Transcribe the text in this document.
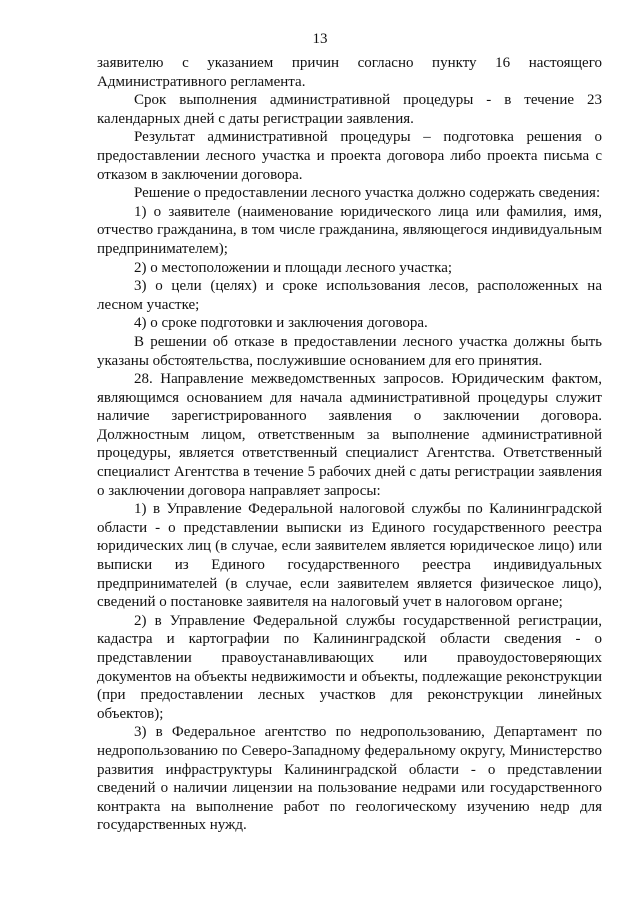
13

заявителю с указанием причин согласно пункту 16 настоящего Административного регламента.

Срок выполнения административной процедуры - в течение 23 календарных дней с даты регистрации заявления.

Результат административной процедуры – подготовка решения о предоставлении лесного участка и проекта договора либо проекта письма с отказом в заключении договора.

Решение о предоставлении лесного участка должно содержать сведения:

1) о заявителе (наименование юридического лица или фамилия, имя, отчество гражданина, в том числе гражданина, являющегося индивидуальным предпринимателем);

2) о местоположении и площади лесного участка;

3) о цели (целях) и сроке использования лесов, расположенных на лесном участке;

4) о сроке подготовки и заключения договора.

В решении об отказе в предоставлении лесного участка должны быть указаны обстоятельства, послужившие основанием для его принятия.

28. Направление межведомственных запросов. Юридическим фактом, являющимся основанием для начала административной процедуры служит наличие зарегистрированного заявления о заключении договора. Должностным лицом, ответственным за выполнение административной процедуры, является ответственный специалист Агентства. Ответственный специалист Агентства в течение 5 рабочих дней с даты регистрации заявления о заключении договора направляет запросы:

1) в Управление Федеральной налоговой службы по Калининградской области - о представлении выписки из Единого государственного реестра юридических лиц (в случае, если заявителем является юридическое лицо) или выписки из Единого государственного реестра индивидуальных предпринимателей (в случае, если заявителем является физическое лицо), сведений о постановке заявителя на налоговый учет в налоговом органе;

2) в Управление Федеральной службы государственной регистрации, кадастра и картографии по Калининградской области сведения - о представлении правоустанавливающих или правоудостоверяющих документов на объекты недвижимости и объекты, подлежащие реконструкции (при предоставлении лесных участков для реконструкции линейных объектов);

3) в Федеральное агентство по недропользованию, Департамент по недропользованию по Северо-Западному федеральному округу, Министерство развития инфраструктуры Калининградской области - о представлении сведений о наличии лицензии на пользование недрами или государственного контракта на выполнение работ по геологическому изучению недр для государственных нужд.
